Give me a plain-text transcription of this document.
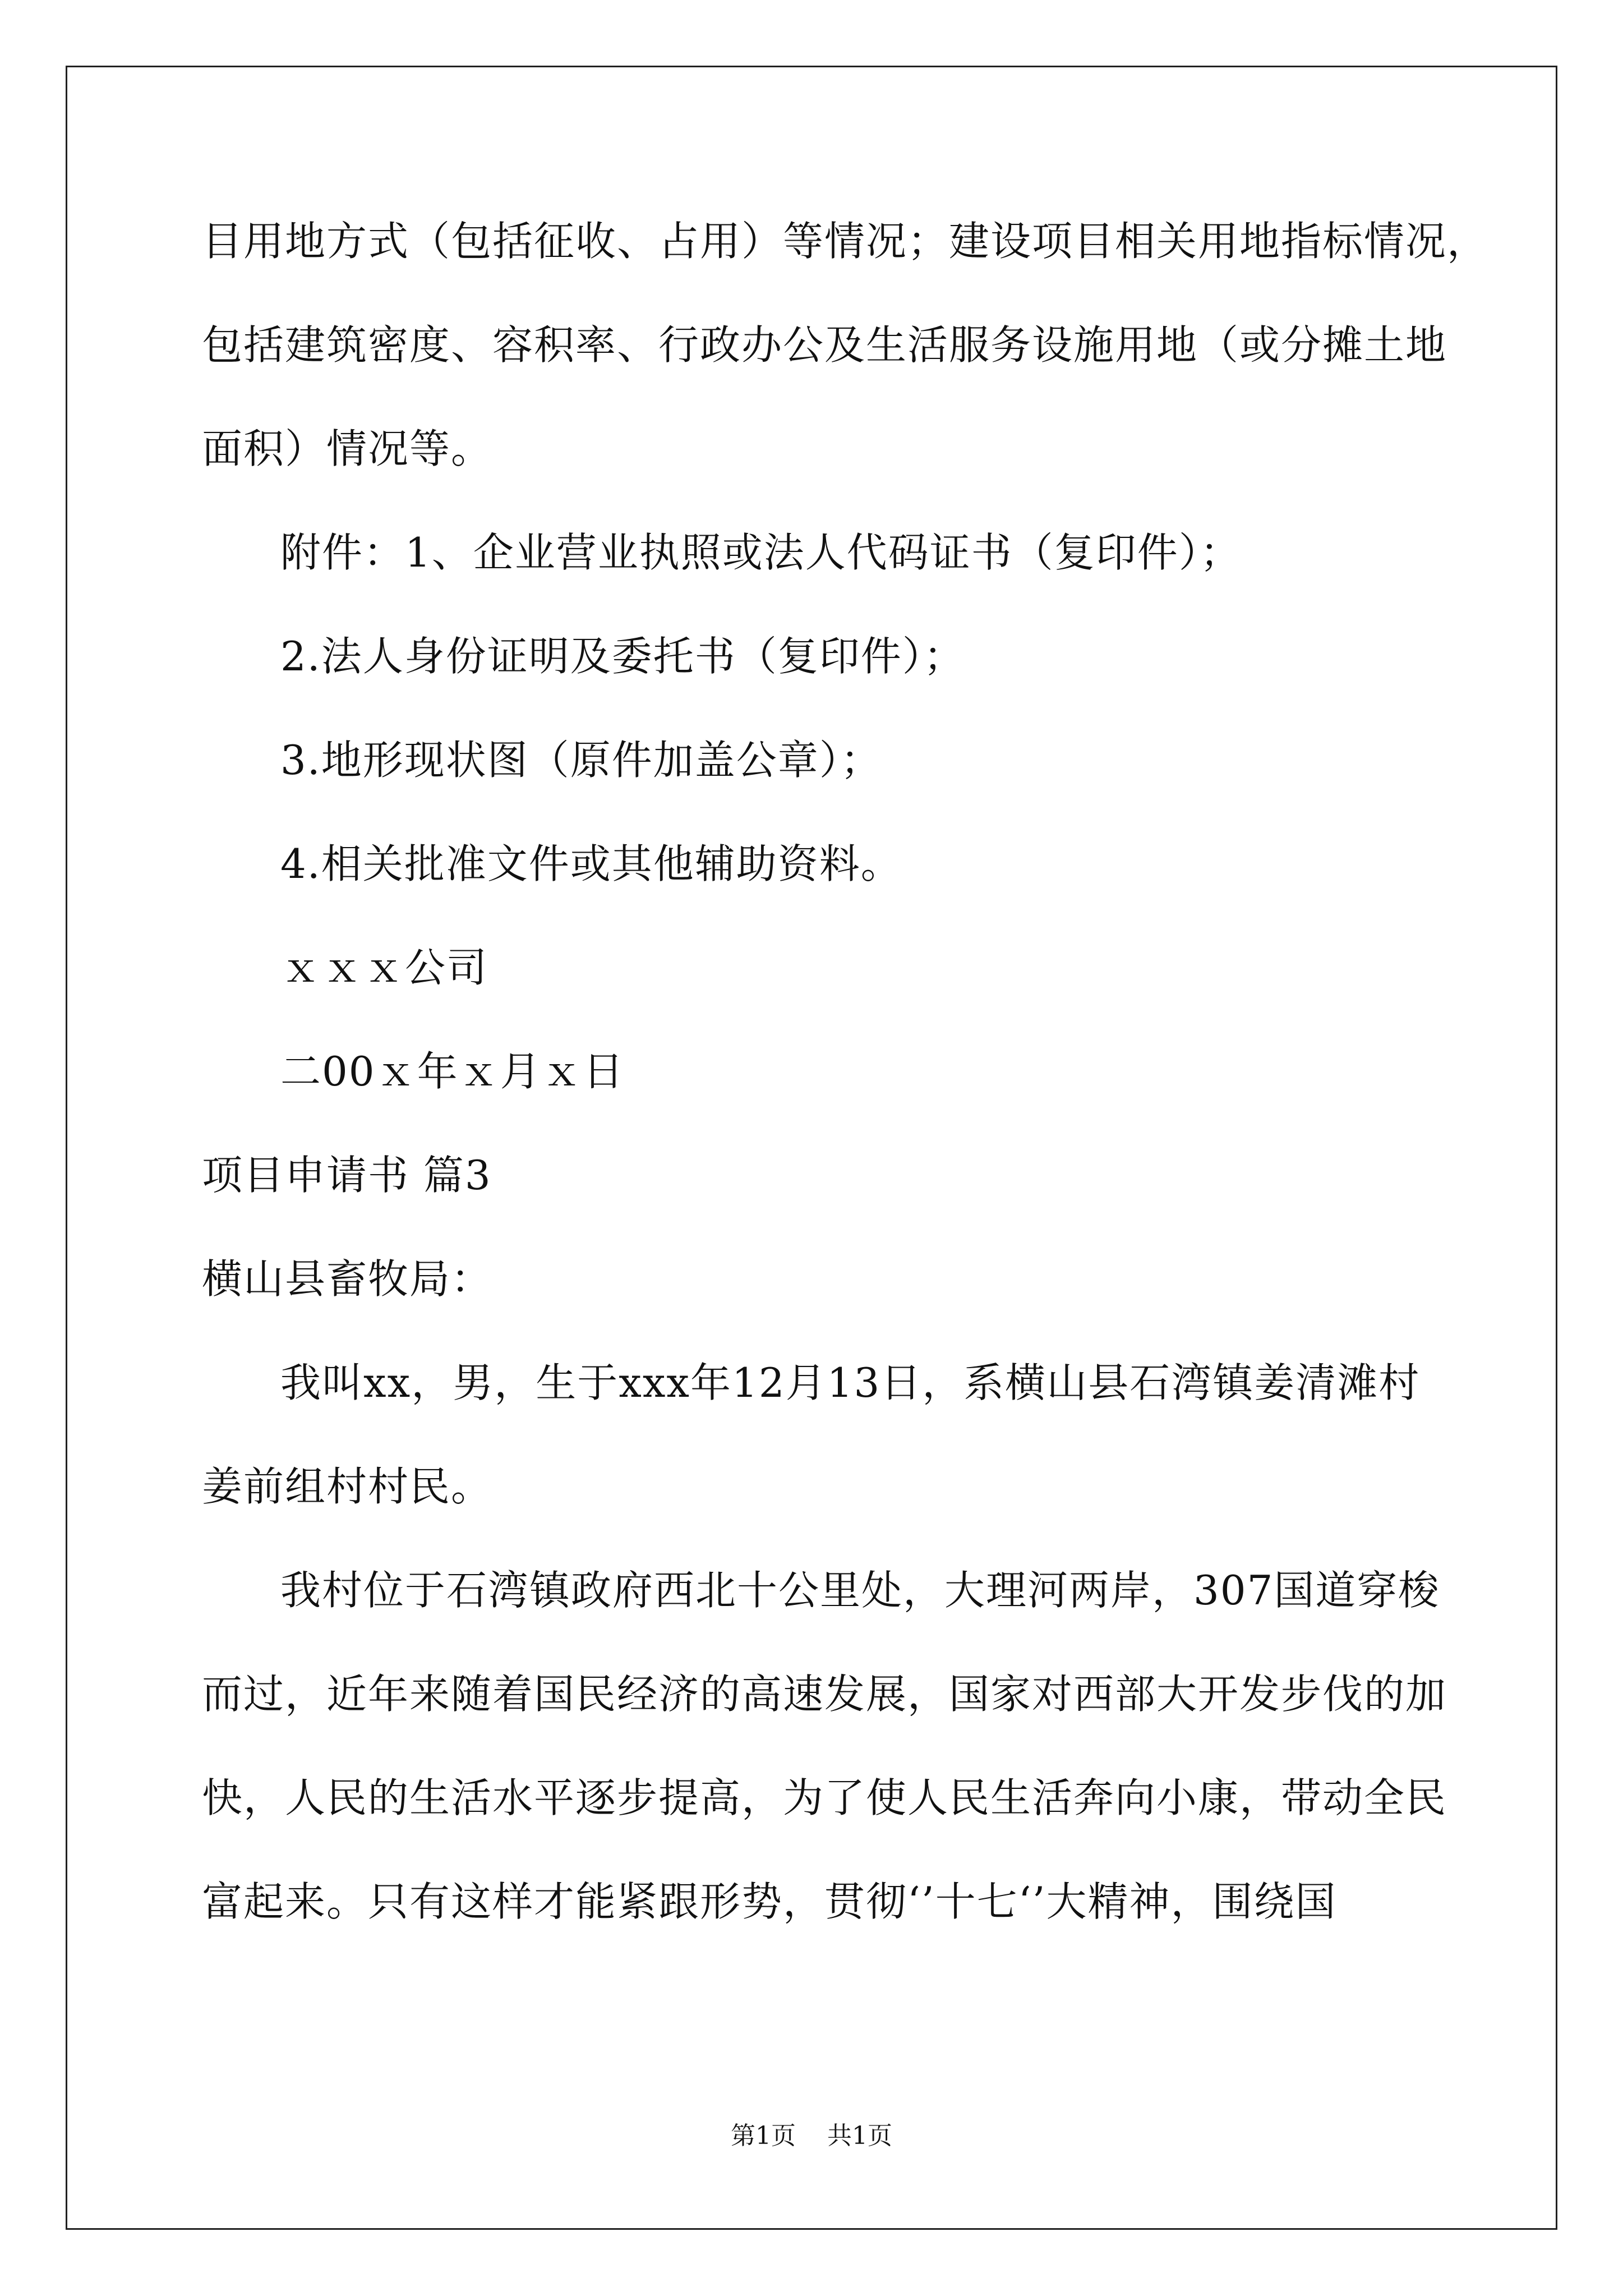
目用地方式（包括征收、占用）等情况；建设项目相关用地指标情况，

包括建筑密度、容积率、行政办公及生活服务设施用地（或分摊土地

面积）情况等。

附件：1、企业营业执照或法人代码证书（复印件）；

2.法人身份证明及委托书（复印件）；

3.地形现状图（原件加盖公章）；

4.相关批准文件或其他辅助资料。

ｘｘｘ公司

二00ｘ年ｘ月ｘ日

项目申请书 篇3

横山县畜牧局：

我叫xx，男，生于xxx年12月13日，系横山县石湾镇姜清滩村

姜前组村村民。

我村位于石湾镇政府西北十公里处，大理河两岸，307国道穿梭

而过，近年来随着国民经济的高速发展，国家对西部大开发步伐的加

快，人民的生活水平逐步提高，为了使人民生活奔向小康，带动全民

富起来。只有这样才能紧跟形势，贯彻‘’十七‘’大精神，围绕国

第1页    共1页
